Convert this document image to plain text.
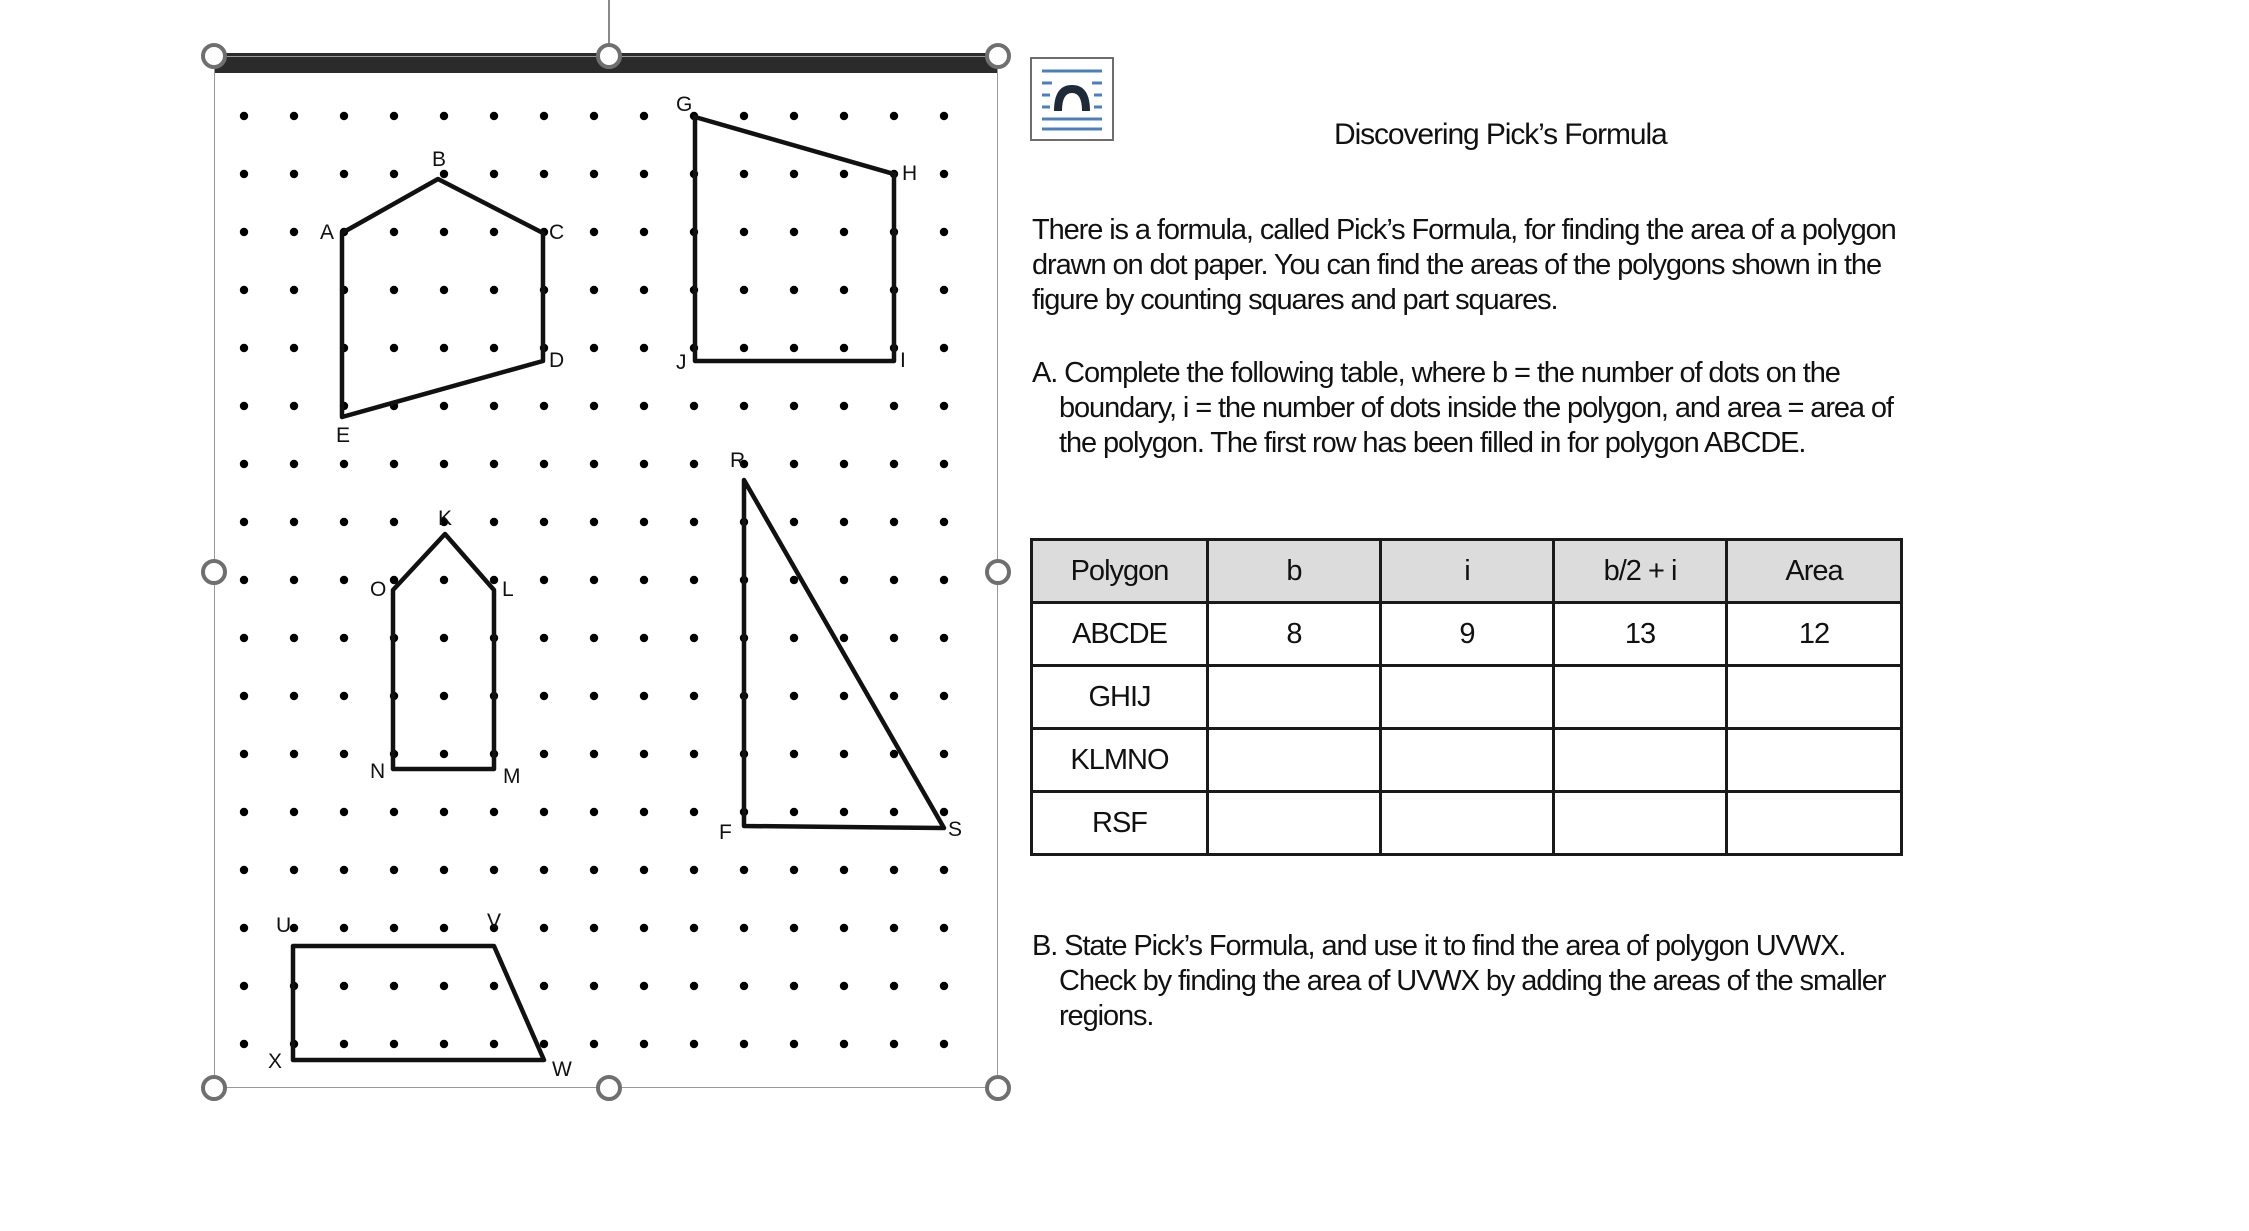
A
B
C
D
E
G
H
I
J
K
L
M
N
O
R
S
F
U	V
W
X
Discovering Pick’s Formula
There is a formula, called Pick’s Formula, for finding the area of a polygon drawn on dot paper. You can find the areas of the polygons shown in the figure by counting squares and part squares.
A. Complete the following table, where b = the number of dots on the boundary, i = the number of dots inside the polygon, and area = area of the polygon. The first row has been filled in for polygon ABCDE.
Polygon	b	i	b/2 + i	Area
ABCDE	8	9	13	12
GHIJ				
KLMNO				
RSF				
B. State Pick’s Formula, and use it to find the area of polygon UVWX. Check by finding the area of UVWX by adding the areas of the smaller regions.
